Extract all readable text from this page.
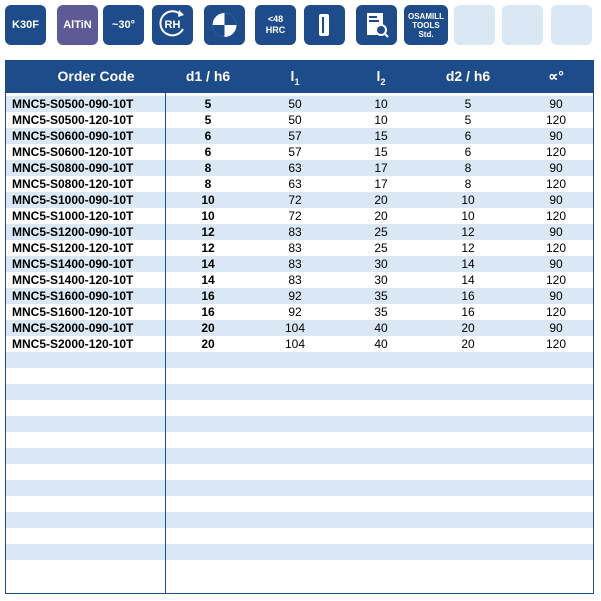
K30F AlTiN ~30°	RH	<48
HRC
OSAMILL
TOOLS
Std.
Order Code	d1 / h6	$l_1$	$l_2$	d2 / h6	∝°
MNC5-S0500-090-10T	5	50	10	5	90
MNC5-S0500-120-10T	5	50	10	5	120
MNC5-S0600-090-10T	6	57	15	6	90
MNC5-S0600-120-10T	6	57	15	6	120
MNC5-S0800-090-10T	8	63	17	8	90
MNC5-S0800-120-10T	8	63	17	8	120
MNC5-S1000-090-10T	10	72	20	10	90
MNC5-S1000-120-10T	10	72	20	10	120
MNC5-S1200-090-10T	12	83	25	12	90
MNC5-S1200-120-10T	12	83	25	12	120
MNC5-S1400-090-10T	14	83	30	14	90
MNC5-S1400-120-10T	14	83	30	14	120
MNC5-S1600-090-10T	16	92	35	16	90
MNC5-S1600-120-10T	16	92	35	16	120
MNC5-S2000-090-10T	20	104	40	20	90
MNC5-S2000-120-10T	20	104	40	20	120
